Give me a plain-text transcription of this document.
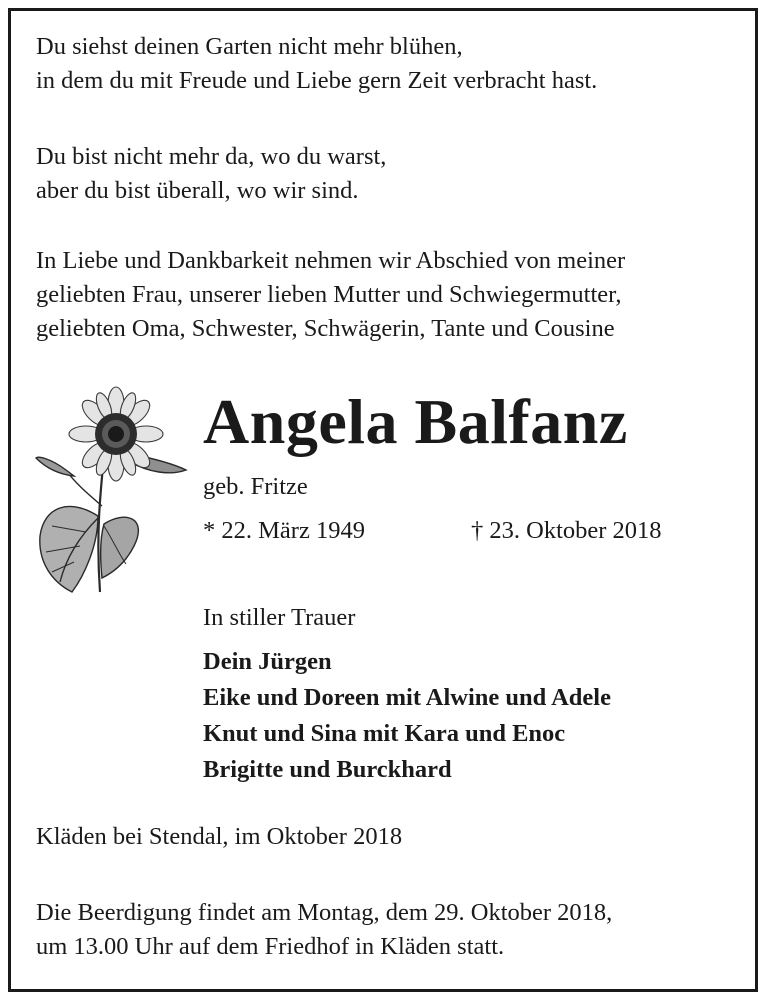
Du siehst deinen Garten nicht mehr blühen,
in dem du mit Freude und Liebe gern Zeit verbracht hast.
Du bist nicht mehr da, wo du warst,
aber du bist überall, wo wir sind.
In Liebe und Dankbarkeit nehmen wir Abschied von meiner
geliebten Frau, unserer lieben Mutter und Schwiegermutter,
geliebten Oma, Schwester, Schwägerin, Tante und Cousine
Angela Balfanz
geb. Fritze
* 22. März 1949	† 23. Oktober 2018
In stiller Trauer
Dein Jürgen
Eike und Doreen mit Alwine und Adele
Knut und Sina mit Kara und Enoc
Brigitte und Burckhard
Kläden bei Stendal, im Oktober 2018
Die Beerdigung findet am Montag, dem 29. Oktober 2018,
um 13.00 Uhr auf dem Friedhof in Kläden statt.
